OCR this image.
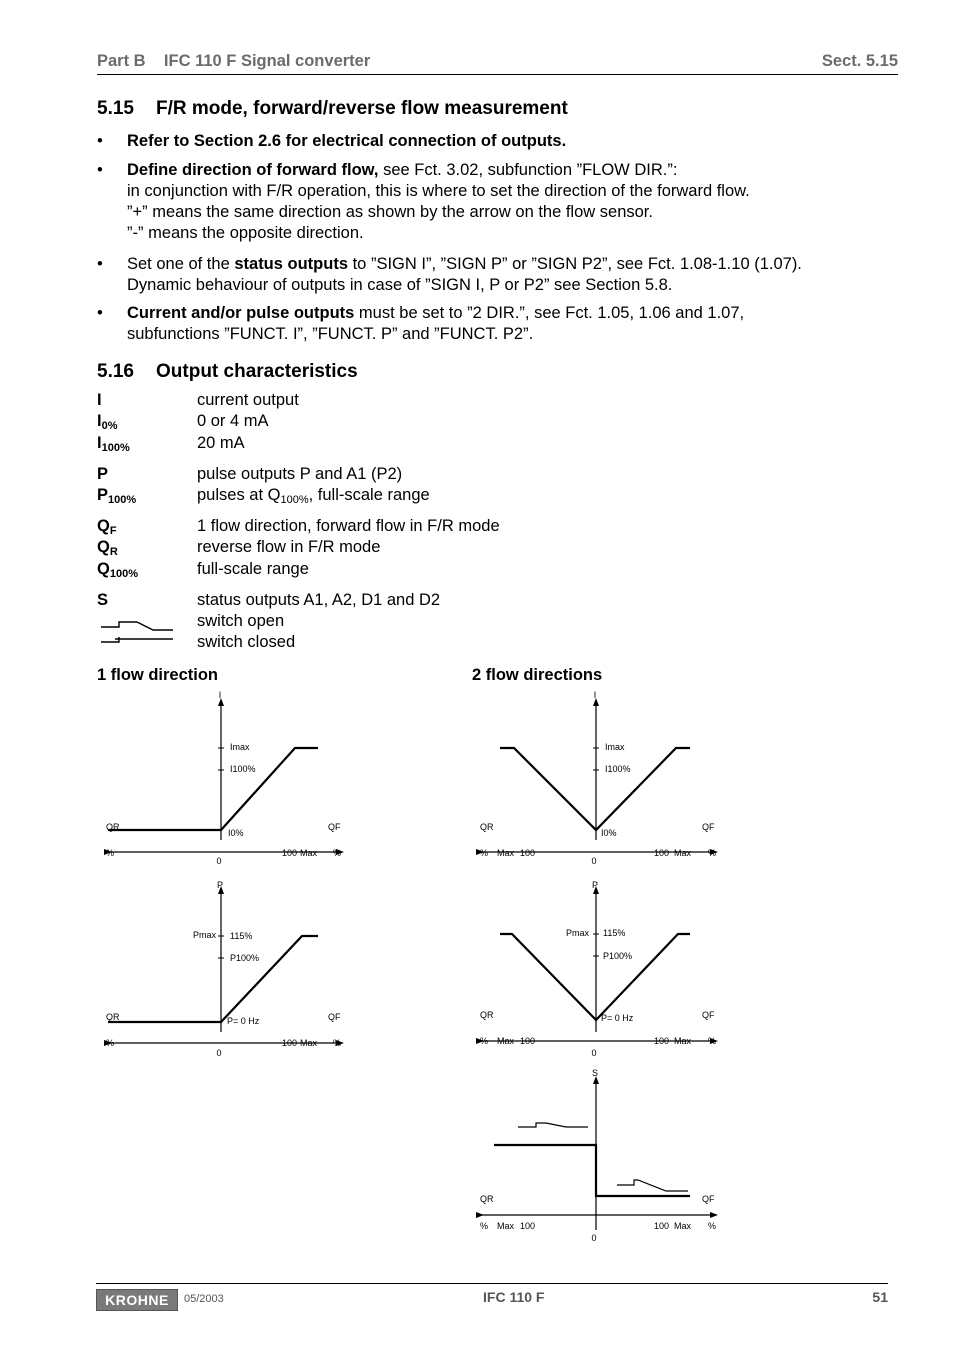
Part B    IFC 110 F Signal converter	Sect. 5.15
5.15 F/R mode, forward/reverse flow measurement
• Refer to Section 2.6 for electrical connection of outputs.
• Define direction of forward flow, see Fct. 3.02, subfunction ”FLOW DIR.”:
in conjunction with F/R operation, this is where to set the direction of the forward flow.
”+” means the same direction as shown by the arrow on the flow sensor.
”-” means the opposite direction.
• Set one of the status outputs to ”SIGN I”, ”SIGN P” or ”SIGN P2”, see Fct. 1.08-1.10 (1.07).
Dynamic behaviour of outputs in case of ”SIGN I, P or P2” see Section 5.8.
• Current and/or pulse outputs must be set to ”2 DIR.”, see Fct. 1.05, 1.06 and 1.07,
subfunctions ”FUNCT. I”, ”FUNCT. P” and ”FUNCT. P2”.
5.16 Output characteristics
I	current output
$I_{0\%}$	0 or 4 mA
$I_{100\%}$	20 mA
P	pulse outputs P and A1 (P2)
$P_{100\%}$	pulses at $Q_{100\%}$, full-scale range
$Q_F$	1 flow direction, forward flow in F/R mode
$Q_R$	reverse flow in F/R mode
$Q_{100\%}$	full-scale range
S	status outputs A1, A2, D1 and D2
switch open
switch closed
1 flow direction	2 flow directions
I
Imax
I100%
I0%
QR	QF
%	%
0
100 Max
P
Pmax 115%
P100%
P= 0 Hz
QR	QF
%	%
0
100 Max
I
Imax
I100%
I0%
QR	QF
%	%
0
Max 100	100 Max
P
Pmax 115%
P100%
P= 0 Hz
QR	QF
%	%
0
Max 100	100 Max
S
QR	QF
%	%
0
Max 100	100 Max
KROHNE	05/2003	IFC 110 F	51
